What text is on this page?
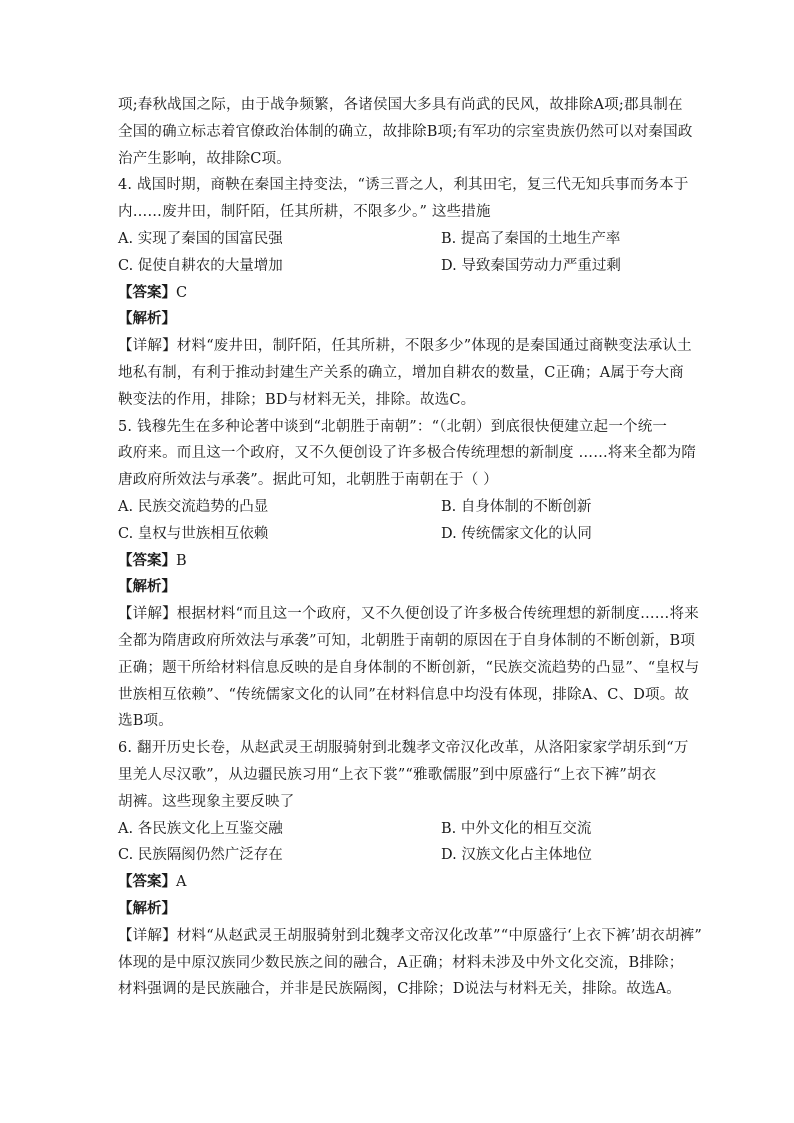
项;春秋战国之际，由于战争频繁，各诸侯国大多具有尚武的民风，故排除A项;郡具制在
全国的确立标志着官僚政治体制的确立，故排除B项;有军功的宗室贵族仍然可以对秦国政
治产生影响，故排除C项。
4. 战国时期，商鞅在秦国主持变法，“诱三晋之人，利其田宅，复三代无知兵事而务本于
内……废井田，制阡陌，任其所耕，不限多少。” 这些措施
A. 实现了秦国的国富民强	B. 提高了秦国的土地生产率
C. 促使自耕农的大量增加	D. 导致秦国劳动力严重过剩
【答案】C
【解析】
【详解】材料“废井田，制阡陌，任其所耕，不限多少”体现的是秦国通过商鞅变法承认土
地私有制，有利于推动封建生产关系的确立，增加自耕农的数量，C正确；A属于夸大商
鞅变法的作用，排除；BD与材料无关，排除。故选C。
5. 钱穆先生在多种论著中谈到“北朝胜于南朝”：“（北朝）到底很快便建立起一个统一
政府来。而且这一个政府，又不久便创设了许多极合传统理想的新制度 ……将来全都为隋
唐政府所效法与承袭”。据此可知，北朝胜于南朝在于（ ）
A. 民族交流趋势的凸显	B. 自身体制的不断创新
C. 皇权与世族相互依赖	D. 传统儒家文化的认同
【答案】B
【解析】
【详解】根据材料“而且这一个政府，又不久便创设了许多极合传统理想的新制度……将来
全都为隋唐政府所效法与承袭”可知，北朝胜于南朝的原因在于自身体制的不断创新，B项
正确；题干所给材料信息反映的是自身体制的不断创新，“民族交流趋势的凸显”、“皇权与
世族相互依赖”、“传统儒家文化的认同”在材料信息中均没有体现，排除A、C、D项。故
选B项。
6. 翻开历史长卷，从赵武灵王胡服骑射到北魏孝文帝汉化改革，从洛阳家家学胡乐到“万
里羌人尽汉歌”，从边疆民族习用“上衣下裳”“雅歌儒服”到中原盛行“上衣下裤”胡衣
胡裤。这些现象主要反映了
A. 各民族文化上互鉴交融	B. 中外文化的相互交流
C. 民族隔阂仍然广泛存在	D. 汉族文化占主体地位
【答案】A
【解析】
【详解】材料“从赵武灵王胡服骑射到北魏孝文帝汉化改革”“中原盛行‘上衣下裤’胡衣胡裤”
体现的是中原汉族同少数民族之间的融合，A正确；材料未涉及中外文化交流，B排除；
材料强调的是民族融合，并非是民族隔阂，C排除；D说法与材料无关，排除。故选A。
